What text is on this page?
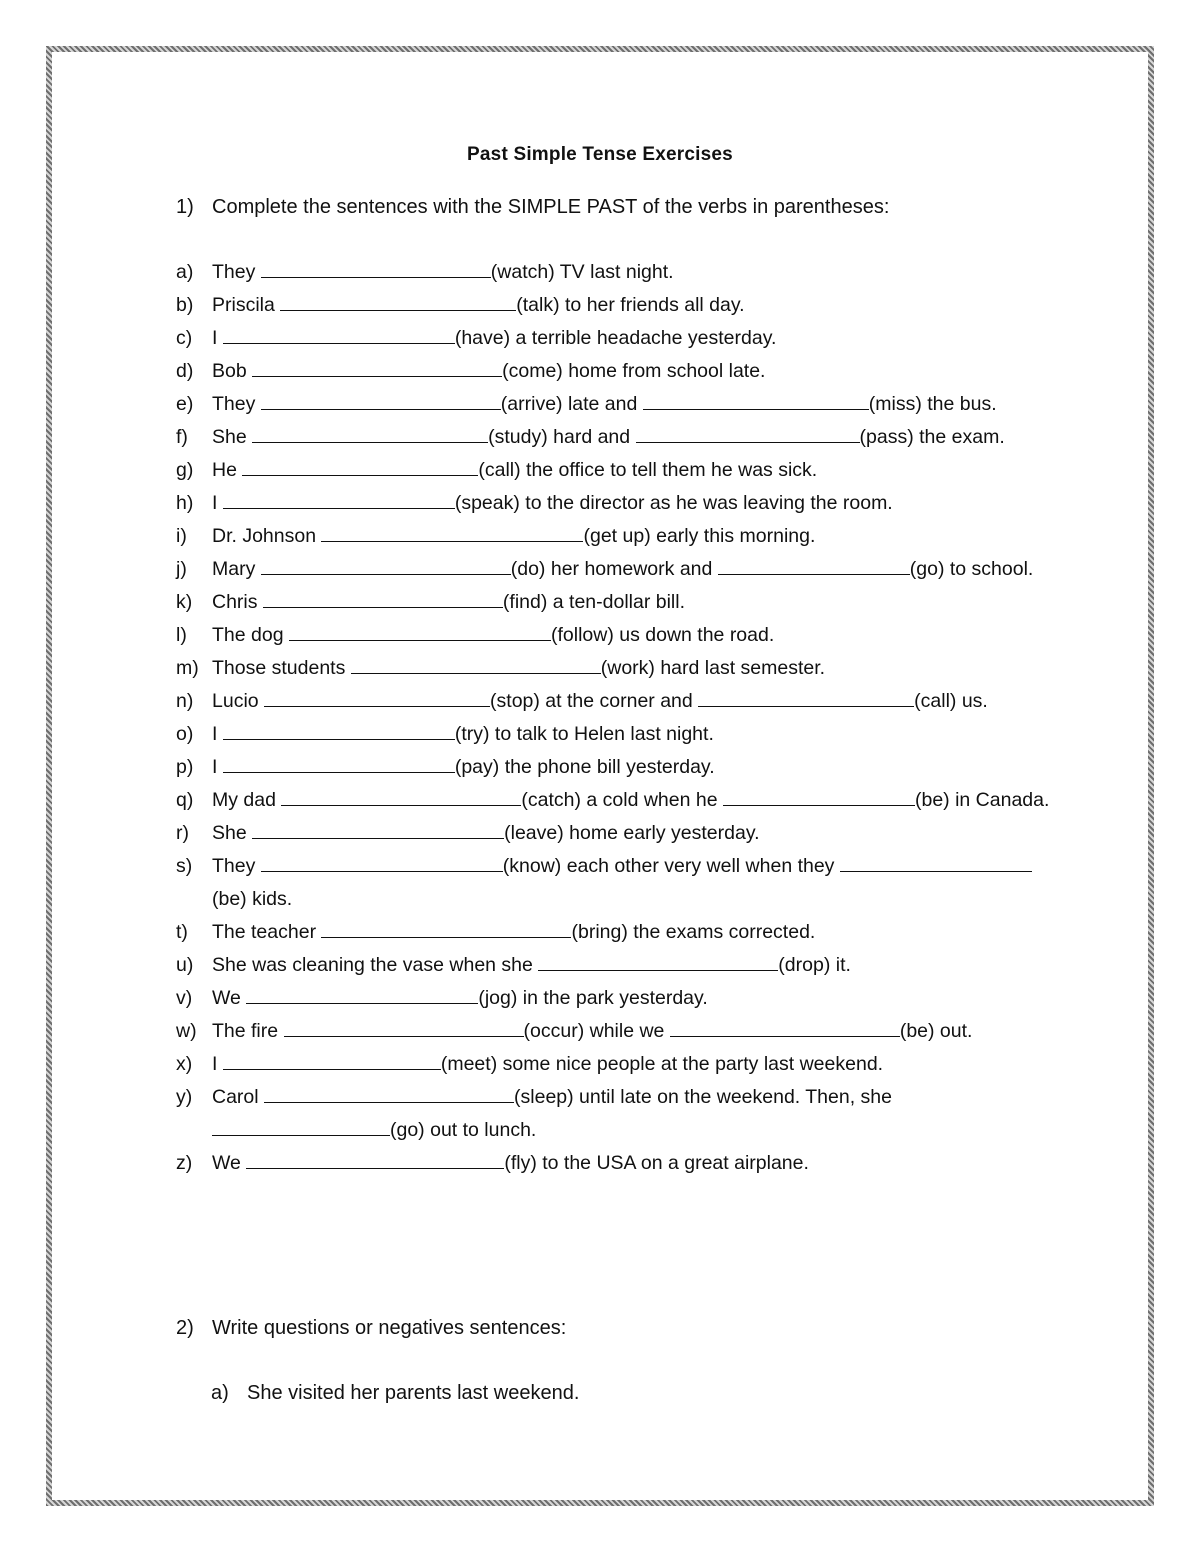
Past Simple Tense Exercises
1) Complete the sentences with the SIMPLE PAST of the verbs in parentheses:
a) They	(watch) TV last night.
b) Priscila	(talk) to her friends all day.
c)	I	(have) a terrible headache yesterday.
d) Bob	(come) home from school late.
e) They	(arrive) late and	(miss) the bus.
f)	She	(study) hard and	(pass) the exam.
g) He	(call) the office to tell them he was sick.
h) I	(speak) to the director as he was leaving the room.
i)	Dr. Johnson	(get up) early this morning.
j)	Mary	(do) her homework and	(go) to school.
k)	Chris	(find) a ten-dollar bill.
l)	The dog	(follow) us down the road.
m) Those students	(work) hard last semester.
n) Lucio	(stop) at the corner and	(call) us.
o) I	(try) to talk to Helen last night.
p) I	(pay) the phone bill yesterday.
q) My dad	(catch) a cold when he	(be) in Canada.
r)	She	(leave) home early yesterday.
s)	They	(know) each other very well when they (be) kids.
t)	The teacher	(bring) the exams corrected.
u) She was cleaning the vase when she	(drop) it.
v)	We	(jog) in the park yesterday.
w) The fire	(occur) while we	(be) out.
x)	I	(meet) some nice people at the party last weekend.
y)	Carol	(sleep) until late on the weekend. Then, she (go) out to lunch.
z)	We	(fly) to the USA on a great airplane.
2) Write questions or negatives sentences:
a) She visited her parents last weekend.
